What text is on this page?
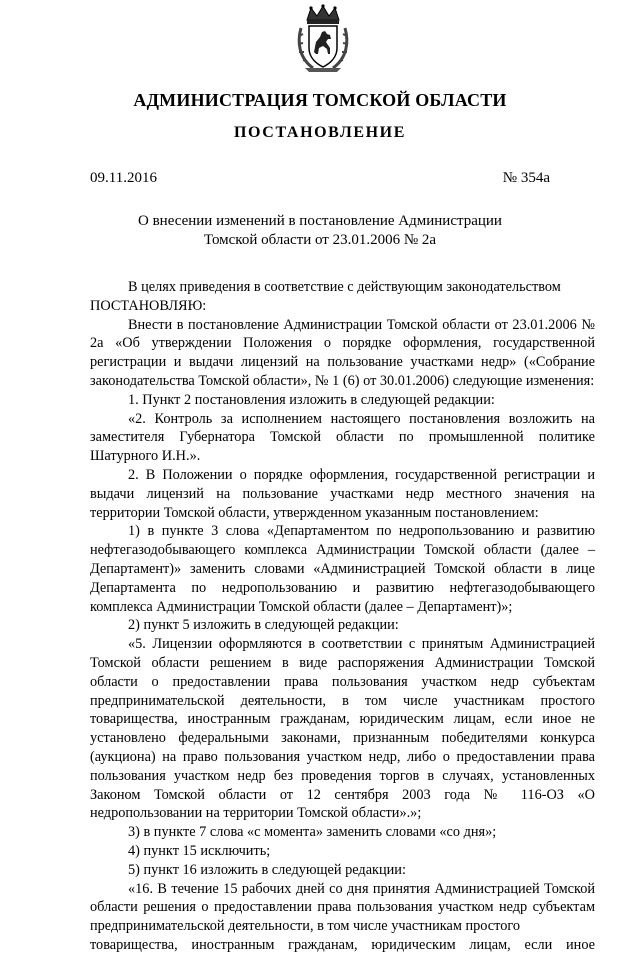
АДМИНИСТРАЦИЯ ТОМСКОЙ ОБЛАСТИ
ПОСТАНОВЛЕНИЕ
09.11.2016	№ 354а
О внесении изменений в постановление Администрации
Томской области от 23.01.2006 № 2а

В целях приведения в соответствие с действующим законодательством

ПОСТАНОВЛЯЮ:

Внести в постановление Администрации Томской области от 23.01.2006 № 2а «Об утверждении Положения о порядке оформления, государственной регистрации и выдачи лицензий на пользование участками недр» («Собрание законодательства Томской области», № 1 (6) от 30.01.2006) следующие изменения:

1. Пункт 2 постановления изложить в следующей редакции:

«2. Контроль за исполнением настоящего постановления возложить на заместителя Губернатора Томской области по промышленной политике Шатурного И.Н.».

2. В Положении о порядке оформления, государственной регистрации и выдачи лицензий на пользование участками недр местного значения на территории Томской области, утвержденном указанным постановлением:

1) в пункте 3 слова «Департаментом по недропользованию и развитию нефтегазодобывающего комплекса Администрации Томской области (далее – Департамент)» заменить словами «Администрацией Томской области в лице Департамента по недропользованию и развитию нефтегазодобывающего комплекса Администрации Томской области (далее – Департамент)»;

2) пункт 5 изложить в следующей редакции:

«5. Лицензии оформляются в соответствии с принятым Администрацией Томской области решением в виде распоряжения Администрации Томской области о предоставлении права пользования участком недр субъектам предпринимательской деятельности, в том числе участникам простого товарищества, иностранным гражданам, юридическим лицам, если иное не установлено федеральными законами, признанным победителями конкурса (аукциона) на право пользования участком недр, либо о предоставлении права пользования участком недр без проведения торгов в случаях, установленных Законом Томской области от 12 сентября 2003 года № 116-ОЗ «О недропользовании на территории Томской области».»;

3) в пункте 7 слова «с момента» заменить словами «со дня»;

4) пункт 15 исключить;

5) пункт 16 изложить в следующей редакции:

«16. В течение 15 рабочих дней со дня принятия Администрацией Томской области решения о предоставлении права пользования участком недр субъектам предпринимательской деятельности, в том числе участникам простого

товарищества, иностранным гражданам, юридическим лицам, если иное
